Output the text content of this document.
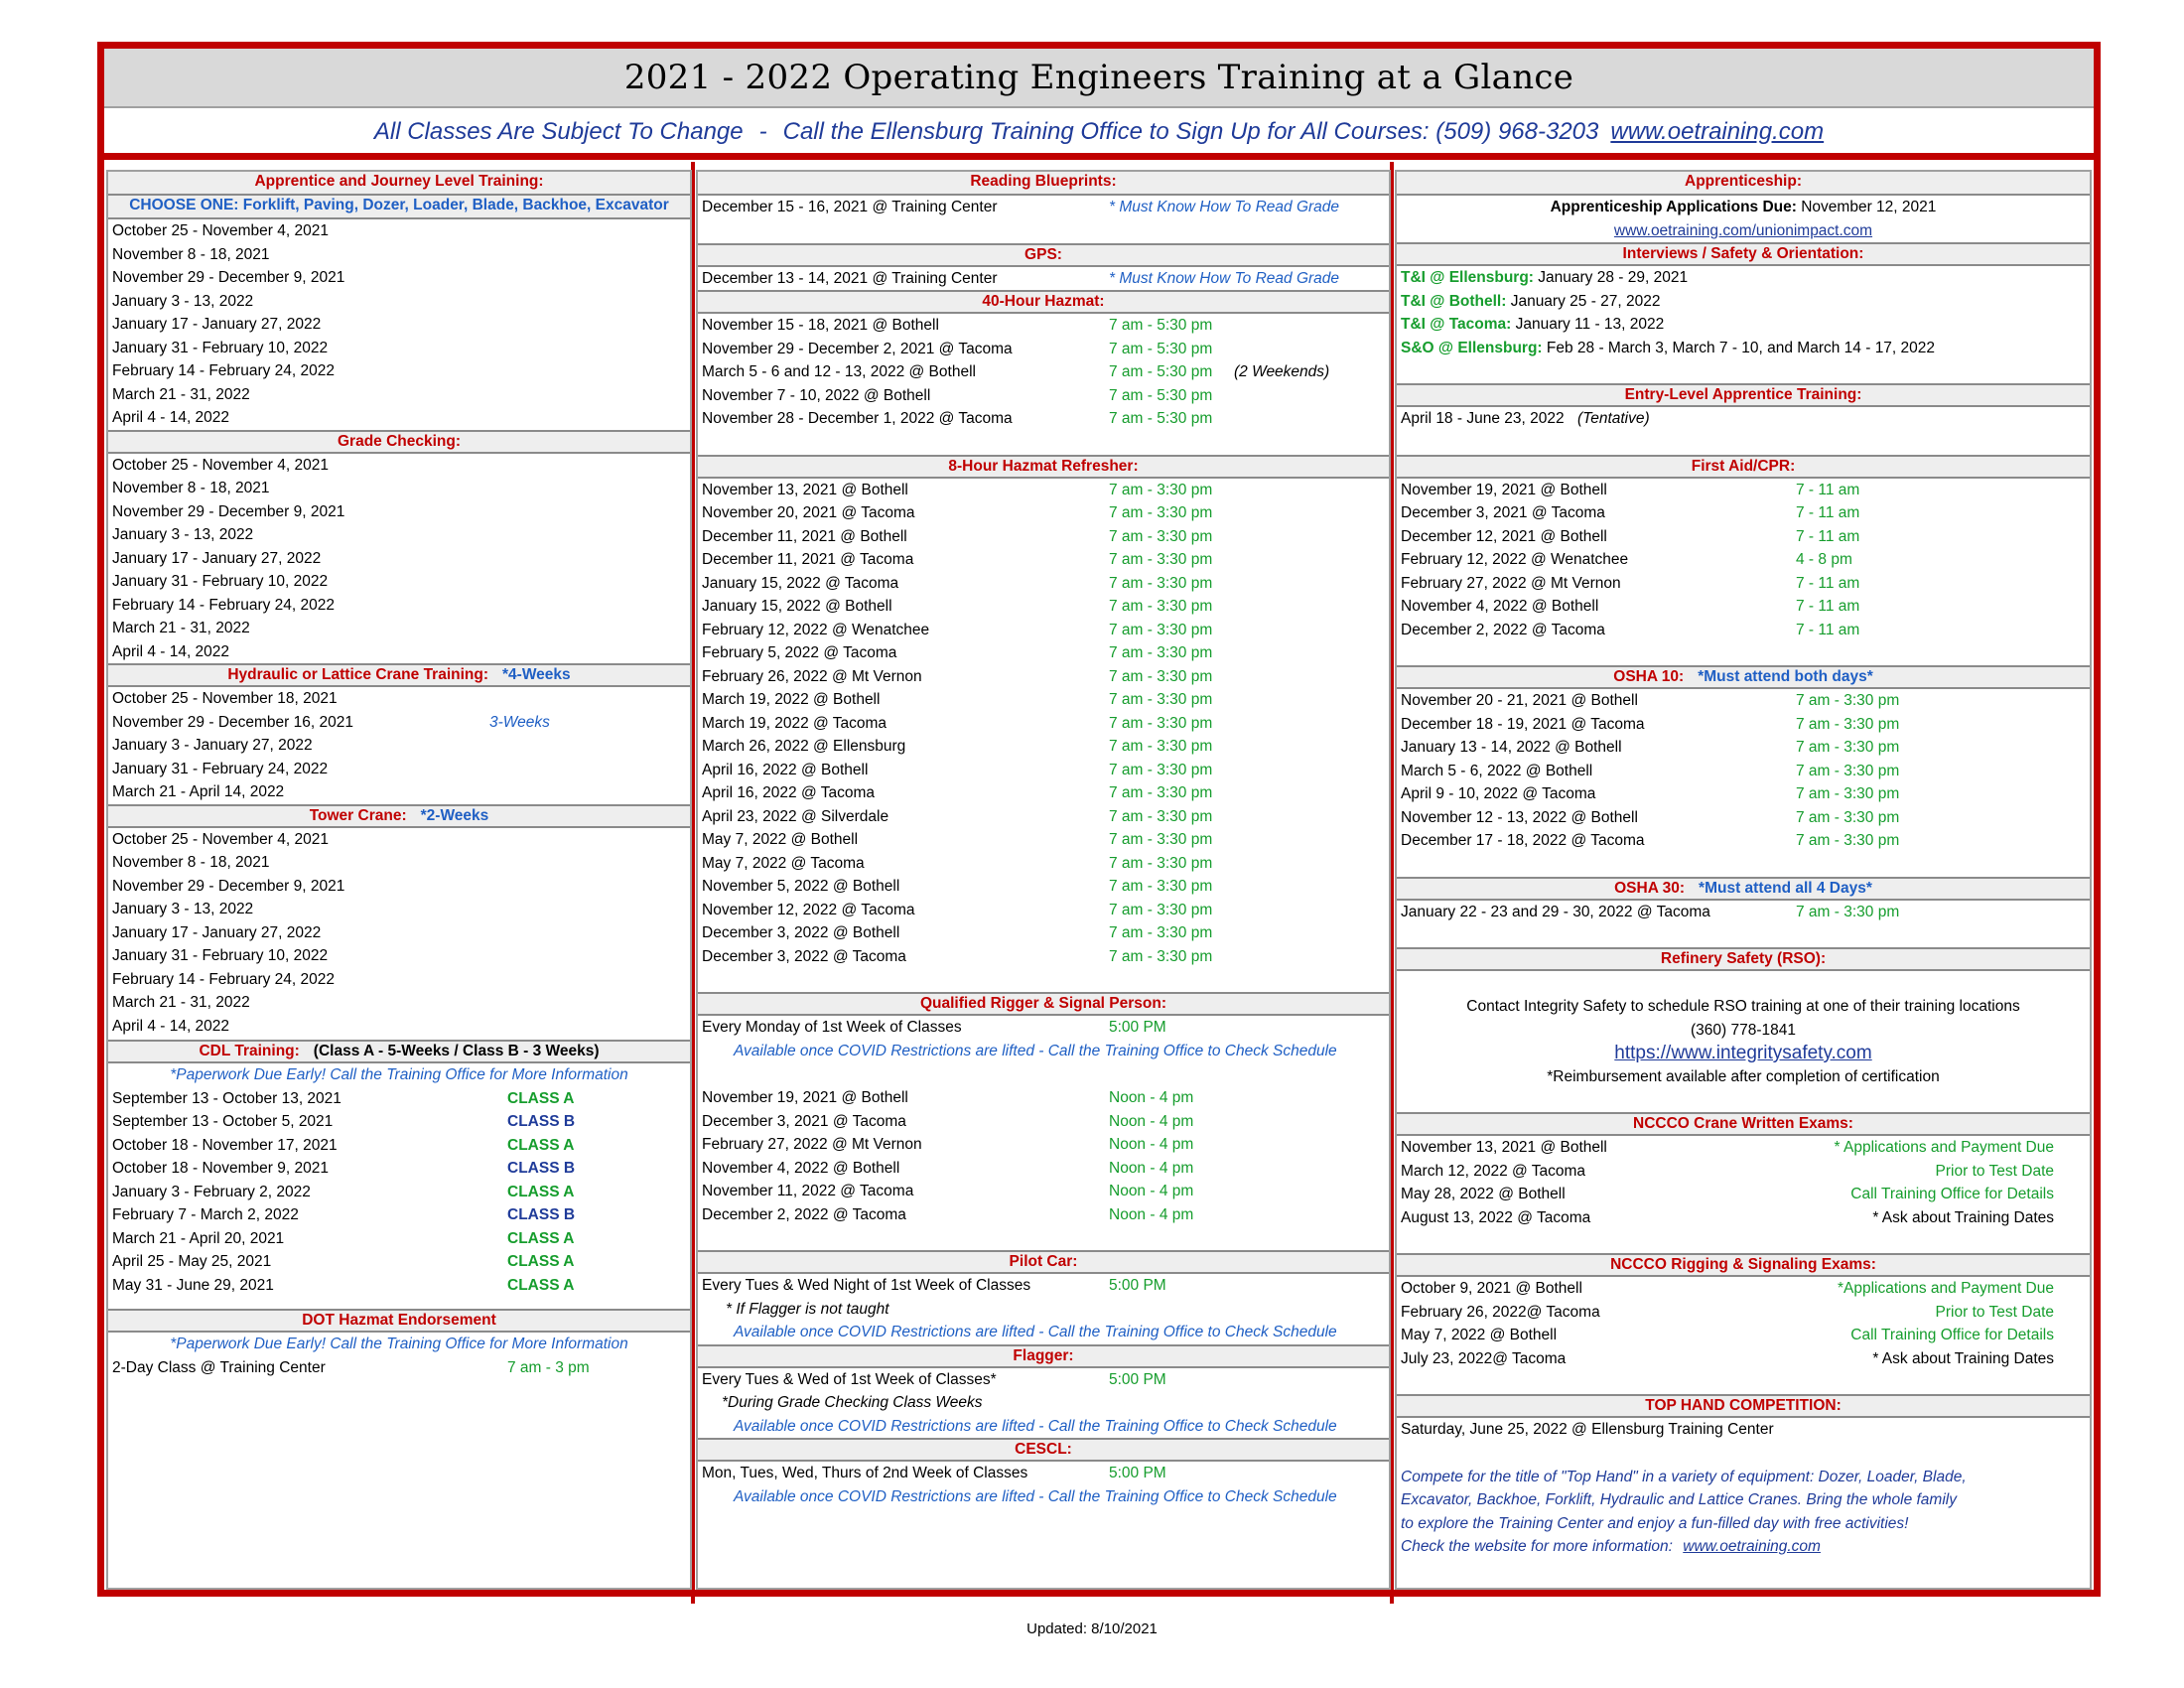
2021 - 2022 Operating Engineers Training at a Glance
All Classes Are Subject To Change - Call the Ellensburg Training Office to Sign Up for All Courses: (509) 968-3203 www.oetraining.com
Apprentice and Journey Level Training:
CHOOSE ONE: Forklift, Paving, Dozer, Loader, Blade, Backhoe, Excavator
October 25 - November 4, 2021
November 8 - 18, 2021
November 29 - December 9, 2021
January 3 - 13, 2022
January 17 - January 27, 2022
January 31 - February 10, 2022
February 14 - February 24, 2022
March 21 - 31, 2022
April 4 - 14, 2022
Grade Checking:
October 25 - November 4, 2021
November 8 - 18, 2021
November 29 - December 9, 2021
January 3 - 13, 2022
January 17 - January 27, 2022
January 31 - February 10, 2022
February 14 - February 24, 2022
March 21 - 31, 2022
April 4 - 14, 2022
Hydraulic or Lattice Crane Training: *4-Weeks
October 25 - November 18, 2021
November 29 - December 16, 2021	3-Weeks
January 3 - January 27, 2022
January 31 - February 24, 2022
March 21 - April 14, 2022
Tower Crane: *2-Weeks
October 25 - November 4, 2021
November 8 - 18, 2021
November 29 - December 9, 2021
January 3 - 13, 2022
January 17 - January 27, 2022
January 31 - February 10, 2022
February 14 - February 24, 2022
March 21 - 31, 2022
April 4 - 14, 2022
CDL Training: (Class A - 5-Weeks / Class B - 3 Weeks)
*Paperwork Due Early! Call the Training Office for More Information
September 13 - October 13, 2021	CLASS A
September 13 - October 5, 2021	CLASS B
October 18 - November 17, 2021	CLASS A
October 18 - November 9, 2021	CLASS B
January 3 - February 2, 2022	CLASS A
February 7 - March 2, 2022	CLASS B
March 21 - April 20, 2021	CLASS A
April 25 - May 25, 2021	CLASS A
May 31 - June 29, 2021	CLASS A
DOT Hazmat Endorsement
*Paperwork Due Early! Call the Training Office for More Information
2-Day Class @ Training Center	7 am - 3 pm
Reading Blueprints:
December 15 - 16, 2021 @ Training Center	* Must Know How To Read Grade
GPS:
December 13 - 14, 2021 @ Training Center	* Must Know How To Read Grade
40-Hour Hazmat:
November 15 - 18, 2021 @ Bothell	7 am - 5:30 pm
November 29 - December 2, 2021 @ Tacoma	7 am - 5:30 pm
March 5 - 6 and 12 - 13, 2022 @ Bothell	7 am - 5:30 pm (2 Weekends)
November 7 - 10, 2022 @ Bothell	7 am - 5:30 pm
November 28 - December 1, 2022 @ Tacoma	7 am - 5:30 pm
8-Hour Hazmat Refresher:
November 13, 2021 @ Bothell	7 am - 3:30 pm
November 20, 2021 @ Tacoma	7 am - 3:30 pm
December 11, 2021 @ Bothell	7 am - 3:30 pm
December 11, 2021 @ Tacoma	7 am - 3:30 pm
January 15, 2022 @ Tacoma	7 am - 3:30 pm
January 15, 2022 @ Bothell	7 am - 3:30 pm
February 12, 2022 @ Wenatchee	7 am - 3:30 pm
February 5, 2022 @ Tacoma	7 am - 3:30 pm
February 26, 2022 @ Mt Vernon	7 am - 3:30 pm
March 19, 2022 @ Bothell	7 am - 3:30 pm
March 19, 2022 @ Tacoma	7 am - 3:30 pm
March 26, 2022 @ Ellensburg	7 am - 3:30 pm
April 16, 2022 @ Bothell	7 am - 3:30 pm
April 16, 2022 @ Tacoma	7 am - 3:30 pm
April 23, 2022 @ Silverdale	7 am - 3:30 pm
May 7, 2022 @ Bothell	7 am - 3:30 pm
May 7, 2022 @ Tacoma	7 am - 3:30 pm
November 5, 2022 @ Bothell	7 am - 3:30 pm
November 12, 2022 @ Tacoma	7 am - 3:30 pm
December 3, 2022 @ Bothell	7 am - 3:30 pm
December 3, 2022 @ Tacoma	7 am - 3:30 pm
Qualified Rigger & Signal Person:
Every Monday of 1st Week of Classes	5:00 PM
Available once COVID Restrictions are lifted - Call the Training Office to Check Schedule
November 19, 2021 @ Bothell	Noon - 4 pm
December 3, 2021 @ Tacoma	Noon - 4 pm
February 27, 2022 @ Mt Vernon	Noon - 4 pm
November 4, 2022 @ Bothell	Noon - 4 pm
November 11, 2022 @ Tacoma	Noon - 4 pm
December 2, 2022 @ Tacoma	Noon - 4 pm
Pilot Car:
Every Tues & Wed Night of 1st Week of Classes	5:00 PM
* If Flagger is not taught
Available once COVID Restrictions are lifted - Call the Training Office to Check Schedule
Flagger:
Every Tues & Wed of 1st Week of Classes*	5:00 PM
*During Grade Checking Class Weeks
Available once COVID Restrictions are lifted - Call the Training Office to Check Schedule
CESCL:
Mon, Tues, Wed, Thurs of 2nd Week of Classes	5:00 PM
Available once COVID Restrictions are lifted - Call the Training Office to Check Schedule
Apprenticeship:
Apprenticeship Applications Due: November 12, 2021
www.oetraining.com/unionimpact.com
Interviews / Safety & Orientation:
T&I @ Ellensburg: January 28 - 29, 2021
T&I @ Bothell: January 25 - 27, 2022
T&I @ Tacoma: January 11 - 13, 2022
S&O @ Ellensburg: Feb 28 - March 3, March 7 - 10, and March 14 - 17, 2022
Entry-Level Apprentice Training:
April 18 - June 23, 2022 (Tentative)
First Aid/CPR:
November 19, 2021 @ Bothell	7 - 11 am
December 3, 2021 @ Tacoma	7 - 11 am
December 12, 2021 @ Bothell	7 - 11 am
February 12, 2022 @ Wenatchee	4 - 8 pm
February 27, 2022 @ Mt Vernon	7 - 11 am
November 4, 2022 @ Bothell	7 - 11 am
December 2, 2022 @ Tacoma	7 - 11 am
OSHA 10: *Must attend both days*
November 20 - 21, 2021 @ Bothell	7 am - 3:30 pm
December 18 - 19, 2021 @ Tacoma	7 am - 3:30 pm
January 13 - 14, 2022 @ Bothell	7 am - 3:30 pm
March 5 - 6, 2022 @ Bothell	7 am - 3:30 pm
April 9 - 10, 2022 @ Tacoma	7 am - 3:30 pm
November 12 - 13, 2022 @ Bothell	7 am - 3:30 pm
December 17 - 18, 2022 @ Tacoma	7 am - 3:30 pm
OSHA 30: *Must attend all 4 Days*
January 22 - 23 and 29 - 30, 2022 @ Tacoma	7 am - 3:30 pm
Refinery Safety (RSO):
Contact Integrity Safety to schedule RSO training at one of their training locations
(360) 778-1841
https://www.integritysafety.com
*Reimbursement available after completion of certification
NCCCO Crane Written Exams:
November 13, 2021 @ Bothell	* Applications and Payment Due
March 12, 2022 @ Tacoma	Prior to Test Date
May 28, 2022 @ Bothell	Call Training Office for Details
August 13, 2022 @ Tacoma	* Ask about Training Dates
NCCCO Rigging & Signaling Exams:
October 9, 2021 @ Bothell	*Applications and Payment Due
February 26, 2022@ Tacoma	Prior to Test Date
May 7, 2022 @ Bothell	Call Training Office for Details
July 23, 2022@ Tacoma	* Ask about Training Dates
TOP HAND COMPETITION:
Saturday, June 25, 2022 @ Ellensburg Training Center
Compete for the title of "Top Hand" in a variety of equipment: Dozer, Loader, Blade,
Excavator, Backhoe, Forklift, Hydraulic and Lattice Cranes. Bring the whole family
to explore the Training Center and enjoy a fun-filled day with free activities!
Check the website for more information: www.oetraining.com
Updated: 8/10/2021
